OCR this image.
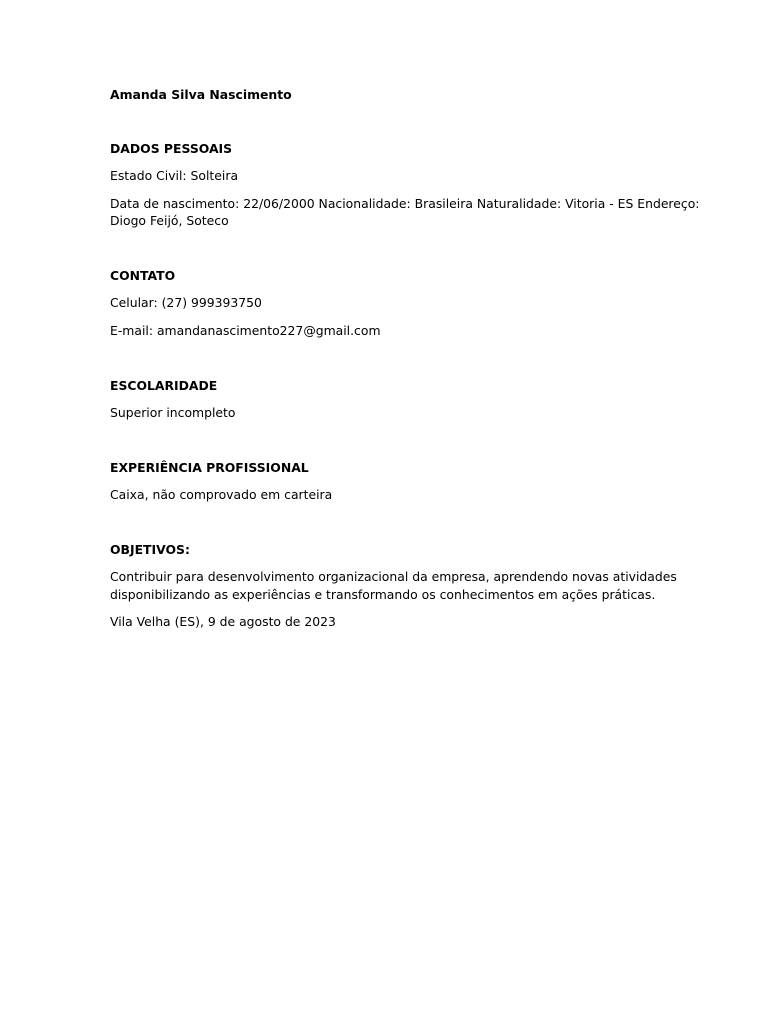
Amanda Silva Nascimento

DADOS PESSOAIS

Estado Civil: Solteira

Data de nascimento: 22/06/2000 Nacionalidade: Brasileira Naturalidade: Vitoria - ES Endereço:

Diogo Feijó, Soteco

CONTATO

Celular: (27) 999393750

E-mail: amandanascimento227@gmail.com

ESCOLARIDADE

Superior incompleto

EXPERIÊNCIA PROFISSIONAL

Caixa, não comprovado em carteira

OBJETIVOS:

Contribuir para desenvolvimento organizacional da empresa, aprendendo novas atividades

disponibilizando as experiências e transformando os conhecimentos em ações práticas.

Vila Velha (ES), 9 de agosto de 2023
